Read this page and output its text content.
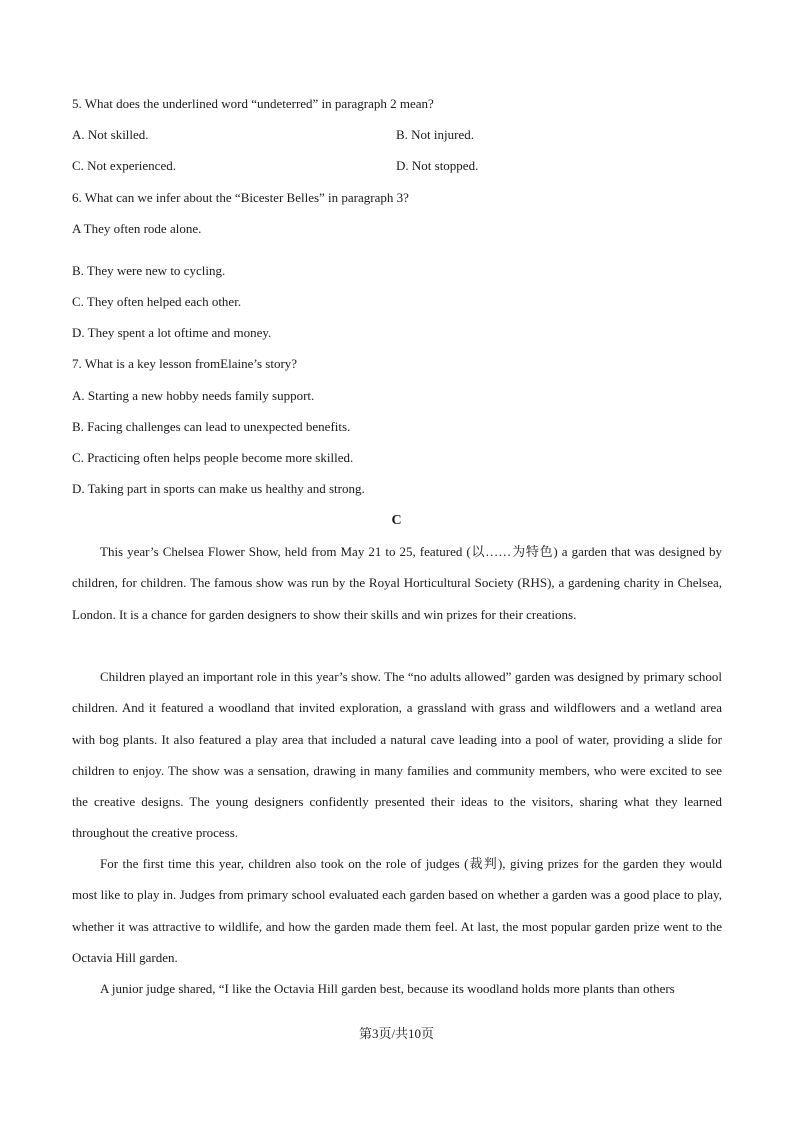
5. What does the underlined word “undeterred” in paragraph 2 mean?
A. Not skilled.	B. Not injured.
C. Not experienced.	D. Not stopped.
6. What can we infer about the “Bicester Belles” in paragraph 3?
A They often rode alone.
B. They were new to cycling.
C. They often helped each other.
D. They spent a lot oftime and money.
7. What is a key lesson fromElaine’s story?
A. Starting a new hobby needs family support.
B. Facing challenges can lead to unexpected benefits.
C. Practicing often helps people become more skilled.
D. Taking part in sports can make us healthy and strong.
C

This year’s Chelsea Flower Show, held from May 21 to 25, featured (以……为特色) a garden that was designed by children, for children. The famous show was run by the Royal Horticultural Society (RHS), a gardening charity in Chelsea, London. It is a chance for garden designers to show their skills and win prizes for their creations.

Children played an important role in this year’s show. The “no adults allowed” garden was designed by primary school children. And it featured a woodland that invited exploration, a grassland with grass and wildflowers and a wetland area with bog plants. It also featured a play area that included a natural cave leading into a pool of water, providing a slide for children to enjoy. The show was a sensation, drawing in many families and community members, who were excited to see the creative designs. The young designers confidently presented their ideas to the visitors, sharing what they learned throughout the creative process.

For the first time this year, children also took on the role of judges (裁判), giving prizes for the garden they would most like to play in. Judges from primary school evaluated each garden based on whether a garden was a good place to play, whether it was attractive to wildlife, and how the garden made them feel. At last, the most popular garden prize went to the Octavia Hill garden.

A junior judge shared, “I like the Octavia Hill garden best, because its woodland holds more plants than others

第3页/共10页
